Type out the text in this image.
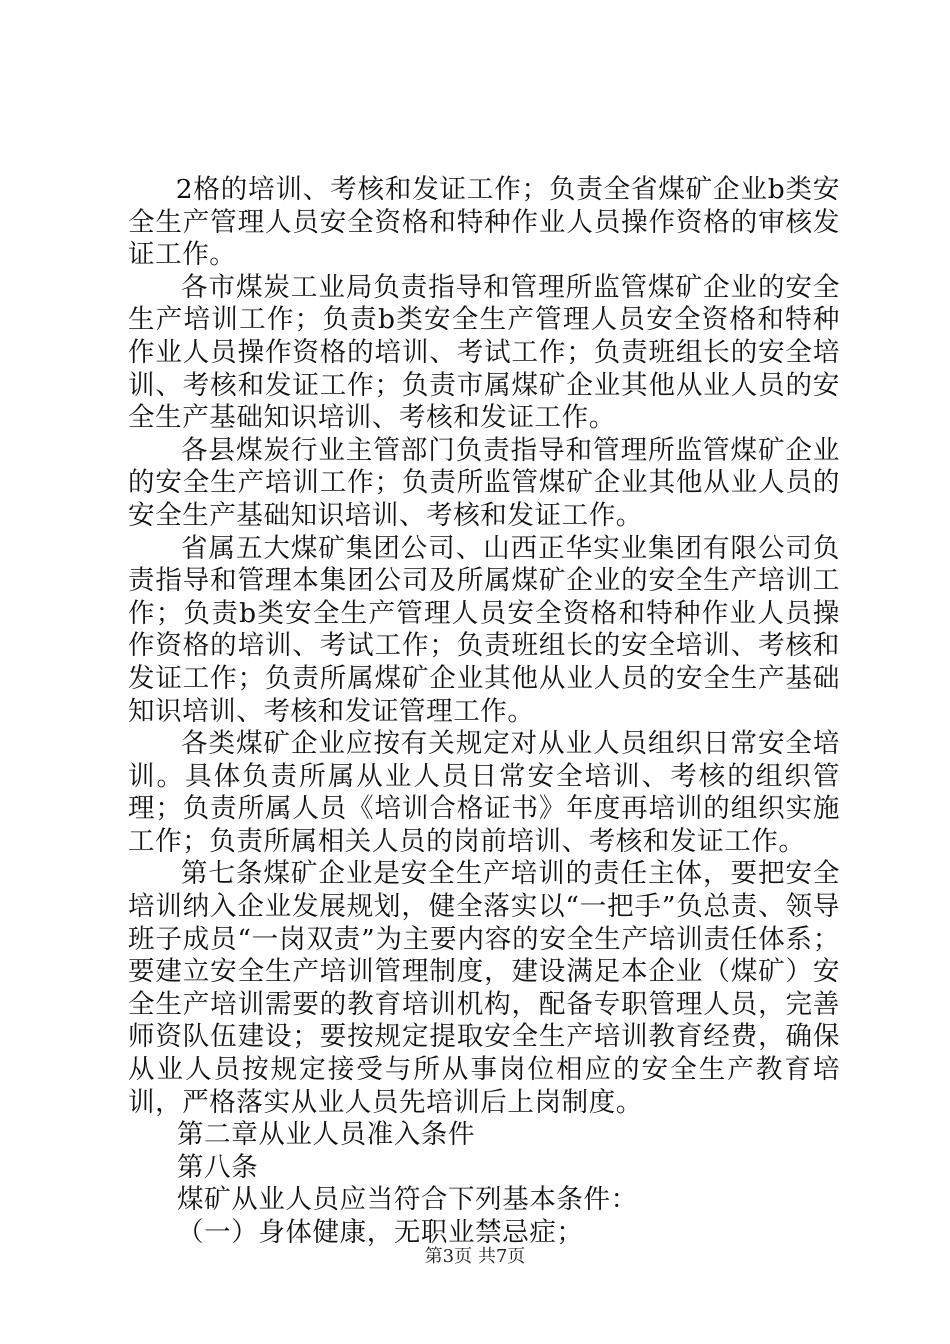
2格的培训、考核和发证工作；负责全省煤矿企业b类安全生产管理人员安全资格和特种作业人员操作资格的审核发证工作。

各市煤炭工业局负责指导和管理所监管煤矿企业的安全生产培训工作；负责b类安全生产管理人员安全资格和特种作业人员操作资格的培训、考试工作；负责班组长的安全培训、考核和发证工作；负责市属煤矿企业其他从业人员的安全生产基础知识培训、考核和发证工作。

各县煤炭行业主管部门负责指导和管理所监管煤矿企业的安全生产培训工作；负责所监管煤矿企业其他从业人员的安全生产基础知识培训、考核和发证工作。

省属五大煤矿集团公司、山西正华实业集团有限公司负责指导和管理本集团公司及所属煤矿企业的安全生产培训工作；负责b类安全生产管理人员安全资格和特种作业人员操作资格的培训、考试工作；负责班组长的安全培训、考核和发证工作；负责所属煤矿企业其他从业人员的安全生产基础知识培训、考核和发证管理工作。

各类煤矿企业应按有关规定对从业人员组织日常安全培训。具体负责所属从业人员日常安全培训、考核的组织管理；负责所属人员《培训合格证书》年度再培训的组织实施工作；负责所属相关人员的岗前培训、考核和发证工作。

第七条煤矿企业是安全生产培训的责任主体，要把安全培训纳入企业发展规划，健全落实以“一把手”负总责、领导班子成员“一岗双责”为主要内容的安全生产培训责任体系；要建立安全生产培训管理制度，建设满足本企业（煤矿）安全生产培训需要的教育培训机构，配备专职管理人员，完善师资队伍建设；要按规定提取安全生产培训教育经费，确保从业人员按规定接受与所从事岗位相应的安全生产教育培训，严格落实从业人员先培训后上岗制度。

第二章从业人员准入条件

第八条

煤矿从业人员应当符合下列基本条件：

（一）身体健康，无职业禁忌症；

第3页 共7页
